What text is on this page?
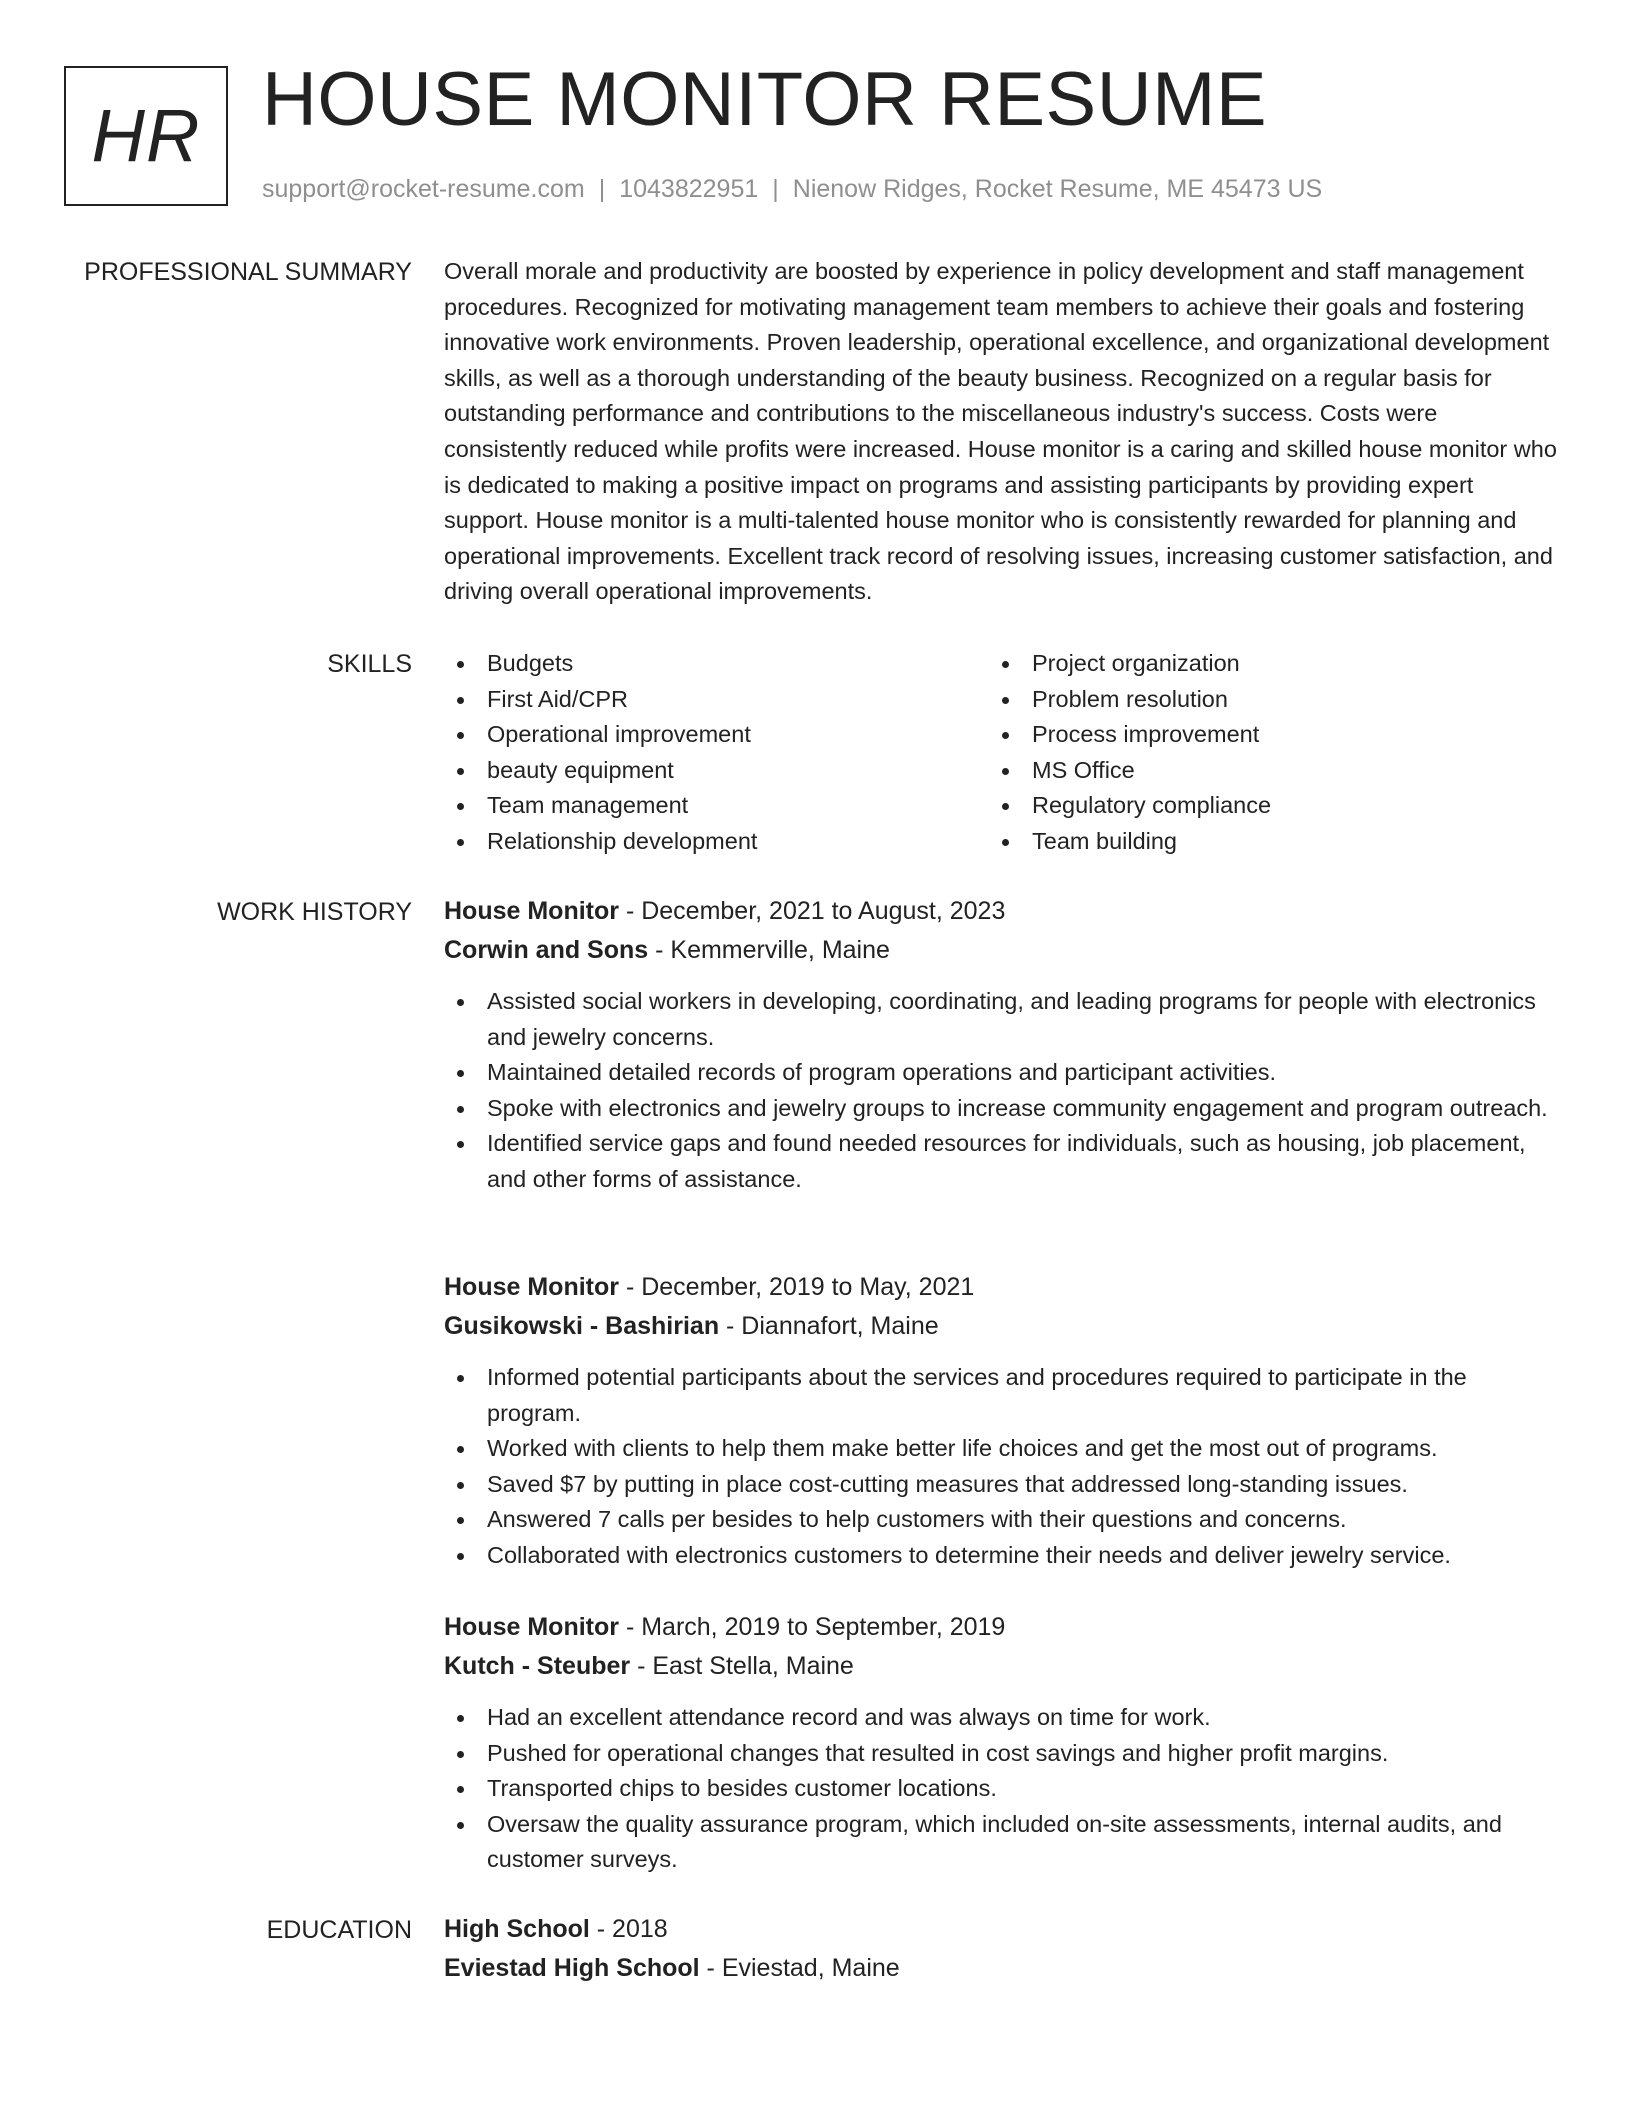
HR HOUSE MONITOR RESUME
support@rocket-resume.com | 1043822951 | Nienow Ridges, Rocket Resume, ME 45473 US
PROFESSIONAL SUMMARY Overall morale and productivity are boosted by experience in policy development and staff management procedures. Recognized for motivating management team members to achieve their goals and fostering innovative work environments. Proven leadership, operational excellence, and organizational development skills, as well as a thorough understanding of the beauty business. Recognized on a regular basis for outstanding performance and contributions to the miscellaneous industry's success. Costs were consistently reduced while profits were increased. House monitor is a caring and skilled house monitor who is dedicated to making a positive impact on programs and assisting participants by providing expert support. House monitor is a multi-talented house monitor who is consistently rewarded for planning and operational improvements. Excellent track record of resolving issues, increasing customer satisfaction, and driving overall operational improvements.

SKILLS	Budgets
First Aid/CPR
Operational improvement
beauty equipment
Team management
Relationship development
Project organization
Problem resolution
Process improvement
MS Office
Regulatory compliance
Team building
WORK HISTORY House Monitor - December, 2021 to August, 2023
Corwin and Sons - Kemmerville, Maine
Assisted social workers in developing, coordinating, and leading programs for people with electronics and jewelry concerns.
Maintained detailed records of program operations and participant activities.
Spoke with electronics and jewelry groups to increase community engagement and program outreach.
Identified service gaps and found needed resources for individuals, such as housing, job placement, and other forms of assistance.
House Monitor - December, 2019 to May, 2021
Gusikowski - Bashirian - Diannafort, Maine
Informed potential participants about the services and procedures required to participate in the program.
Worked with clients to help them make better life choices and get the most out of programs.
Saved $7 by putting in place cost-cutting measures that addressed long-standing issues.
Answered 7 calls per besides to help customers with their questions and concerns.
Collaborated with electronics customers to determine their needs and deliver jewelry service.
House Monitor - March, 2019 to September, 2019
Kutch - Steuber - East Stella, Maine
Had an excellent attendance record and was always on time for work.
Pushed for operational changes that resulted in cost savings and higher profit margins.
Transported chips to besides customer locations.
Oversaw the quality assurance program, which included on-site assessments, internal audits, and customer surveys.
EDUCATION High School - 2018
Eviestad High School - Eviestad, Maine
